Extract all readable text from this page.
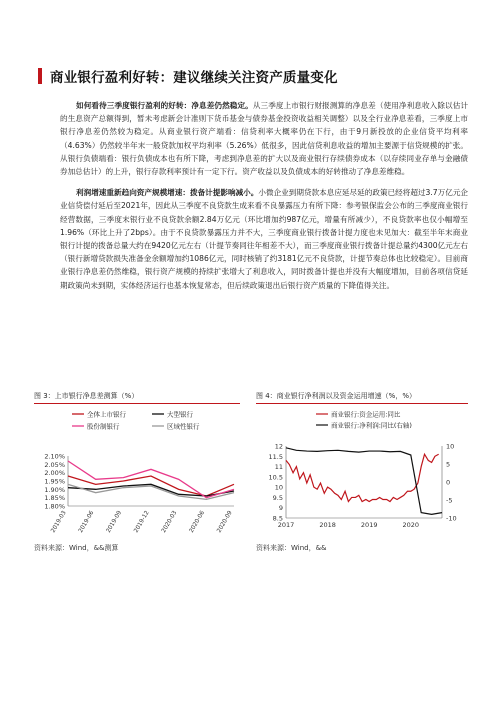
商业银行盈利好转：建议继续关注资产质量变化

如何看待三季度银行盈利的好转：净息差仍然稳定。从三季度上市银行财报测算的净息差（使用净利息收入除以估计的生息资产总额得到，暂未考虑新会计准则下货币基金与债券基金投资收益相关调整）以及全行业净息差看，三季度上市银行净息差仍然较为稳定。从商业银行资产端看：信贷利率大概率仍在下行，由于9月新投放的企业信贷平均利率（4.63%）仍然较半年末一般贷款加权平均利率（5.26%）低很多，因此信贷利息收益的增加主要源于信贷规模的扩张。从银行负债端看：银行负债成本也有所下降，考虑到净息差的扩大以及商业银行存续债券成本（以存续同业存单与金融债券加总估计）的上升，银行存款利率预计有一定下行。资产收益以及负债成本的好转推动了净息差维稳。

利润增速重新趋向资产规模增速：拨备计提影响减小。小微企业到期贷款本息应延尽延的政策已经将超过3.7万亿元企业信贷偿付延后至2021年，因此从三季度不良贷款生成来看不良暴露压力有所下降：参考银保监会公布的三季度商业银行经营数据，三季度末银行业不良贷款余额2.84万亿元（环比增加约987亿元，增量有所减少），不良贷款率也仅小幅增至1.96%（环比上升了2bps）。由于不良贷款暴露压力并不大，三季度商业银行拨备计提力度也未见加大：截至半年末商业银行计提的拨备总量大约在9420亿元左右（计提节奏同往年相差不大），而三季度商业银行拨备计提总量约4300亿元左右（银行新增贷款损失准备金余额增加约1086亿元，同时核销了约3181亿元不良贷款，计提节奏总体也比较稳定）。目前商业银行净息差仍然维稳，银行资产规模的持续扩张增大了利息收入，同时拨备计提也并没有大幅度增加，目前各项信贷延期政策尚未到期，实体经济运行也基本恢复常态，但后续政策退出后银行资产质量的下降值得关注。

图 3：上市银行净息差测算（%）	图 4：商业银行净利润以及资金运用增速（%，%）
2.10%
2.05%
2.00%
1.95%
1.90%
1.85%
1.80%
2019-03 2019-06 2019-09 2019-12 2020-03 2020-06 2020-09
全体上市银行	大型银行
股份制银行	区域性银行
12
11.5
11
10.5
10
9.5
9
8.5
10
5
0
-5
-10
2017	2018	2019	2020
商业银行:资金运用:同比
商业银行:净利润:同比(右轴)
资料来源：Wind，&&测算	资料来源：Wind，&&
